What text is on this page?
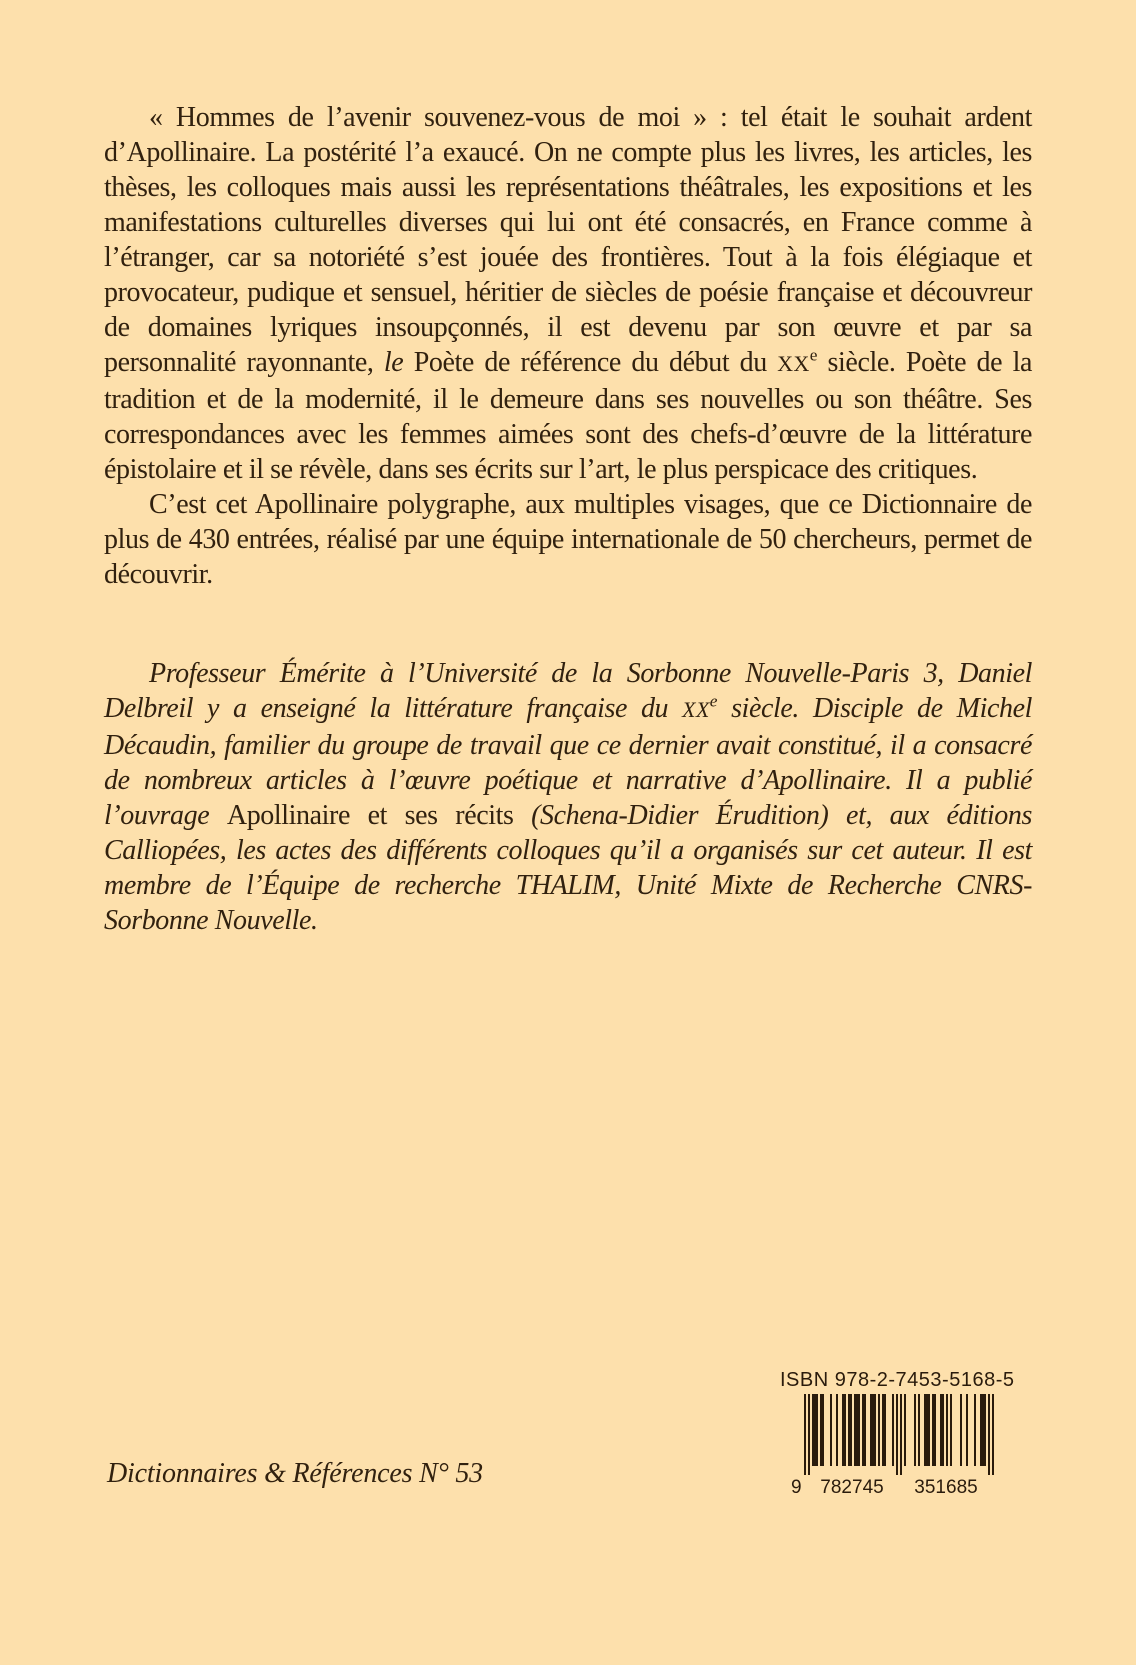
« Hommes de l’avenir souvenez-vous de moi » : tel était le souhait ardent d’Apollinaire. La postérité l’a exaucé. On ne compte plus les livres, les articles, les thèses, les colloques mais aussi les représentations théâtrales, les expositions et les manifestations culturelles diverses qui lui ont été consacrés, en France comme à l’étranger, car sa notoriété s’est jouée des frontières. Tout à la fois élégiaque et provocateur, pudique et sensuel, héritier de siècles de poésie française et découvreur de domaines lyriques insoupçonnés, il est devenu par son œuvre et par sa personnalité rayonnante, le Poète de référence du début du XXe siècle. Poète de la tradition et de la modernité, il le demeure dans ses nouvelles ou son théâtre. Ses correspondances avec les femmes aimées sont des chefs-d’œuvre de la littérature épistolaire et il se révèle, dans ses écrits sur l’art, le plus perspicace des critiques.

C’est cet Apollinaire polygraphe, aux multiples visages, que ce Dictionnaire de plus de 430 entrées, réalisé par une équipe internationale de 50 chercheurs, permet de découvrir.

Professeur Émérite à l’Université de la Sorbonne Nouvelle-Paris 3, Daniel Delbreil y a enseigné la littérature française du XXe siècle. Disciple de Michel Décaudin, familier du groupe de travail que ce dernier avait constitué, il a consacré de nombreux articles à l’œuvre poétique et narrative d’Apollinaire. Il a publié l’ouvrage Apollinaire et ses récits (Schena-Didier Érudition) et, aux éditions Calliopées, les actes des différents colloques qu’il a organisés sur cet auteur. Il est membre de l’Équipe de recherche THALIM, Unité Mixte de Recherche CNRS-Sorbonne Nouvelle.

Dictionnaires & Références N° 53
ISBN 978-2-7453-5168-5
9 782745 351685
